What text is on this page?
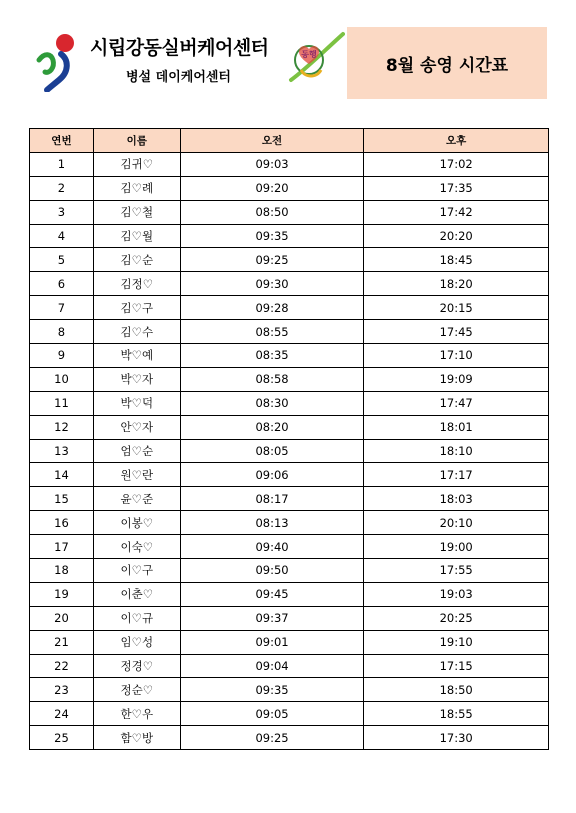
시립강동실버케어센터
병설 데이케어센터
동행
8월 송영 시간표
연번	이름	오전	오후
1	김귀♡	09:03	17:02
2	김♡례	09:20	17:35
3	김♡철	08:50	17:42
4	김♡월	09:35	20:20
5	김♡순	09:25	18:45
6	김정♡	09:30	18:20
7	김♡구	09:28	20:15
8	김♡수	08:55	17:45
9	박♡예	08:35	17:10
10	박♡자	08:58	19:09
11	박♡덕	08:30	17:47
12	안♡자	08:20	18:01
13	엄♡순	08:05	18:10
14	원♡란	09:06	17:17
15	윤♡준	08:17	18:03
16	이봉♡	08:13	20:10
17	이숙♡	09:40	19:00
18	이♡구	09:50	17:55
19	이춘♡	09:45	19:03
20	이♡규	09:37	20:25
21	임♡성	09:01	19:10
22	정경♡	09:04	17:15
23	정순♡	09:35	18:50
24	한♡우	09:05	18:55
25	함♡방	09:25	17:30
